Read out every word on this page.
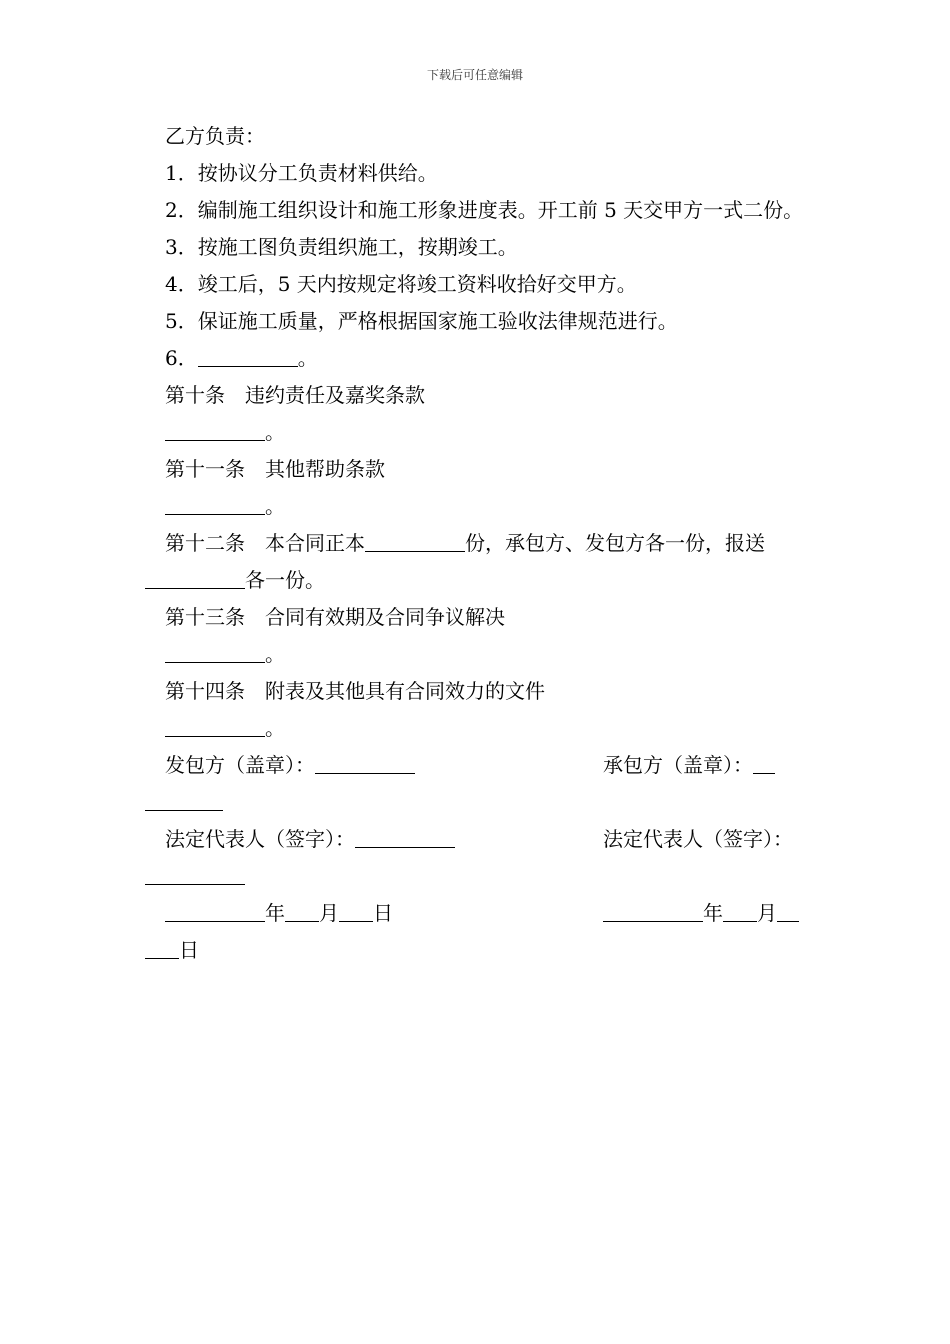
下载后可任意编辑
乙方负责：
1．按协议分工负责材料供给。
2．编制施工组织设计和施工形象进度表。开工前 5 天交甲方一式二份。
3．按施工图负责组织施工，按期竣工。
4．竣工后，5 天内按规定将竣工资料收拾好交甲方。
5．保证施工质量，严格根据国家施工验收法律规范进行。
6．	。
第十条　违约责任及嘉奖条款
。
第十一条　其他帮助条款
。
第十二条　本合同正本	份，承包方、发包方各一份，报送各一份。
第十三条　合同有效期及合同争议解决
。
第十四条　附表及其他具有合同效力的文件
。
发包方（盖章）：	承包方（盖章）：
法定代表人（签字）：	法定代表人（签字）：
年 月 日	年 月
日
